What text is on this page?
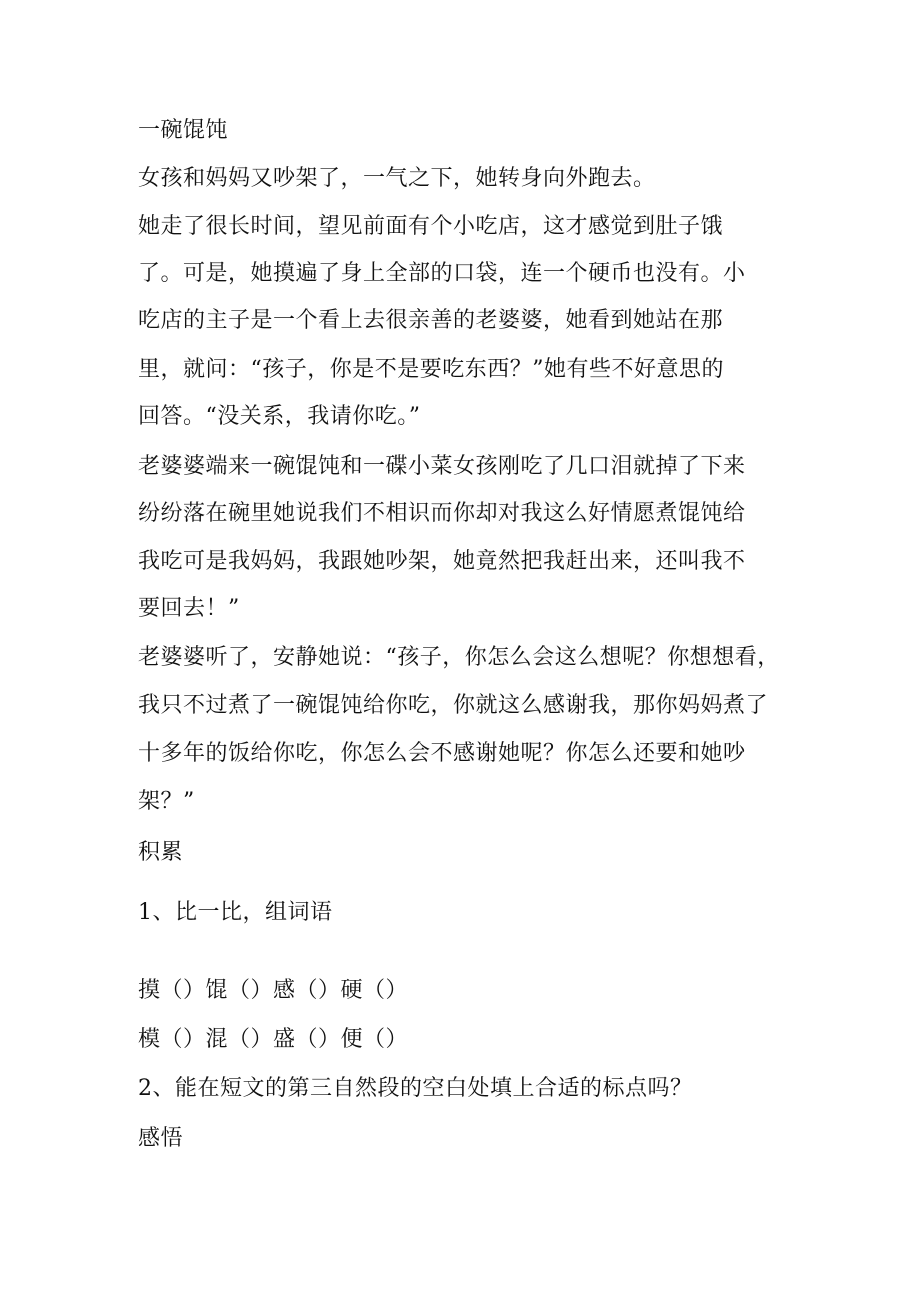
一碗馄饨
女孩和妈妈又吵架了，一气之下，她转身向外跑去。
她走了很长时间，望见前面有个小吃店，这才感觉到肚子饿
了。可是，她摸遍了身上全部的口袋，连一个硬币也没有。小
吃店的主子是一个看上去很亲善的老婆婆，她看到她站在那
里，就问：“孩子，你是不是要吃东西？”她有些不好意思的
回答。“没关系，我请你吃。”
老婆婆端来一碗馄饨和一碟小菜女孩刚吃了几口泪就掉了下来
纷纷落在碗里她说我们不相识而你却对我这么好情愿煮馄饨给
我吃可是我妈妈，我跟她吵架，她竟然把我赶出来，还叫我不
要回去！”
老婆婆听了，安静她说：“孩子，你怎么会这么想呢？你想想看，
我只不过煮了一碗馄饨给你吃，你就这么感谢我，那你妈妈煮了
十多年的饭给你吃，你怎么会不感谢她呢？你怎么还要和她吵
架？”
积累
1、比一比，组词语
摸（）馄（）感（）硬（）
模（）混（）盛（）便（）
2、能在短文的第三自然段的空白处填上合适的标点吗？
感悟
